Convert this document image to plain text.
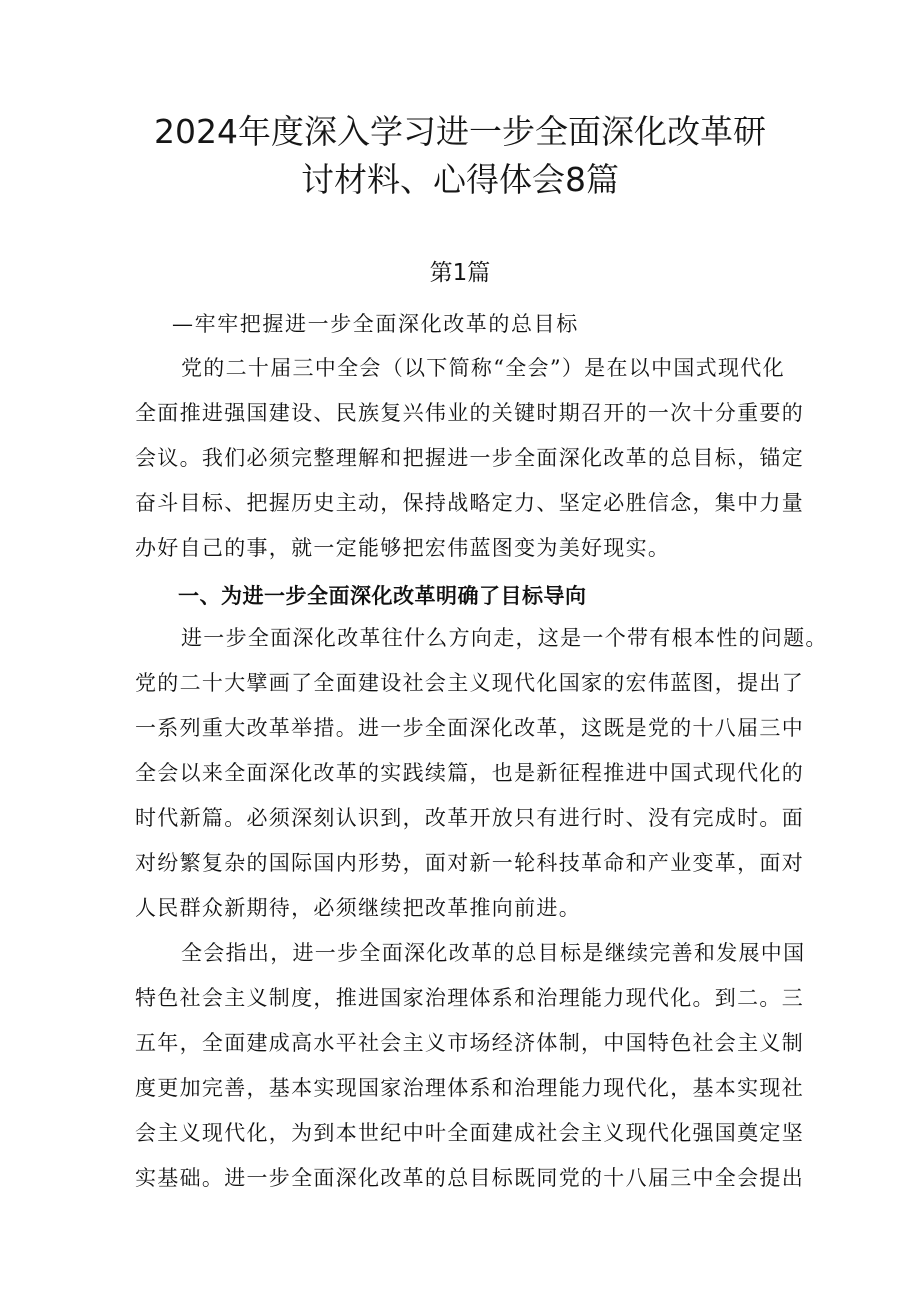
2024年度深入学习进一步全面深化改革研
讨材料、心得体会8篇
第1篇
—牢牢把握进一步全面深化改革的总目标
党的二十届三中全会（以下简称“全会”）是在以中国式现代化
全面推进强国建设、民族复兴伟业的关键时期召开的一次十分重要的
会议。我们必须完整理解和把握进一步全面深化改革的总目标，锚定
奋斗目标、把握历史主动，保持战略定力、坚定必胜信念，集中力量
办好自己的事，就一定能够把宏伟蓝图变为美好现实。
一、为进一步全面深化改革明确了目标导向
进一步全面深化改革往什么方向走，这是一个带有根本性的问题。
党的二十大擘画了全面建设社会主义现代化国家的宏伟蓝图，提出了
一系列重大改革举措。进一步全面深化改革，这既是党的十八届三中
全会以来全面深化改革的实践续篇，也是新征程推进中国式现代化的
时代新篇。必须深刻认识到，改革开放只有进行时、没有完成时。面
对纷繁复杂的国际国内形势，面对新一轮科技革命和产业变革，面对
人民群众新期待，必须继续把改革推向前进。
全会指出，进一步全面深化改革的总目标是继续完善和发展中国
特色社会主义制度，推进国家治理体系和治理能力现代化。到二。三
五年，全面建成高水平社会主义市场经济体制，中国特色社会主义制
度更加完善，基本实现国家治理体系和治理能力现代化，基本实现社
会主义现代化，为到本世纪中叶全面建成社会主义现代化强国奠定坚
实基础。进一步全面深化改革的总目标既同党的十八届三中全会提出
